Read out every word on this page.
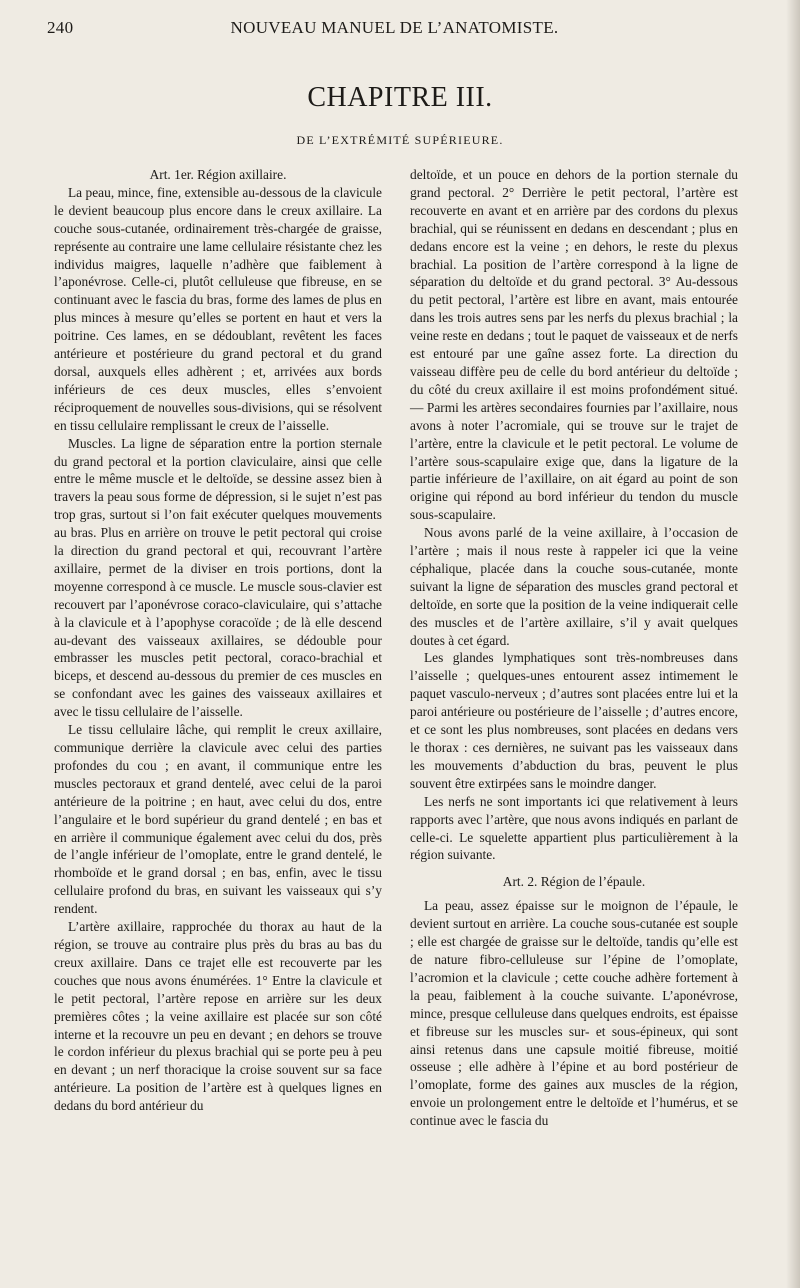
240	NOUVEAU MANUEL DE L’ANATOMISTE.
CHAPITRE III.
DE L’EXTRÉMITÉ SUPÉRIEURE.

Art. 1er. Région axillaire.

La peau, mince, fine, extensible au-dessous de la clavicule le devient beaucoup plus encore dans le creux axillaire. La couche sous-cutanée, ordinairement très-chargée de graisse, représente au contraire une lame cellulaire résistante chez les individus maigres, laquelle n’adhère que faiblement à l’aponévrose. Celle-ci, plutôt celluleuse que fibreuse, en se continuant avec le fascia du bras, forme des lames de plus en plus minces à mesure qu’elles se portent en haut et vers la poitrine. Ces lames, en se dédoublant, revêtent les faces antérieure et postérieure du grand pectoral et du grand dorsal, auxquels elles adhèrent ; et, arrivées aux bords inférieurs de ces deux muscles, elles s’envoient réciproquement de nouvelles sous-divisions, qui se résolvent en tissu cellulaire remplissant le creux de l’aisselle.

Muscles. La ligne de séparation entre la portion sternale du grand pectoral et la portion claviculaire, ainsi que celle entre le même muscle et le deltoïde, se dessine assez bien à travers la peau sous forme de dépression, si le sujet n’est pas trop gras, surtout si l’on fait exécuter quelques mouvements au bras. Plus en arrière on trouve le petit pectoral qui croise la direction du grand pectoral et qui, recouvrant l’artère axillaire, permet de la diviser en trois portions, dont la moyenne correspond à ce muscle. Le muscle sous-clavier est recouvert par l’aponévrose coraco-claviculaire, qui s’attache à la clavicule et à l’apophyse coracoïde ; de là elle descend au-devant des vaisseaux axillaires, se dédouble pour embrasser les muscles petit pectoral, coraco-brachial et biceps, et descend au-dessous du premier de ces muscles en se confondant avec les gaines des vaisseaux axillaires et avec le tissu cellulaire de l’aisselle.

Le tissu cellulaire lâche, qui remplit le creux axillaire, communique derrière la clavicule avec celui des parties profondes du cou ; en avant, il communique entre les muscles pectoraux et grand dentelé, avec celui de la paroi antérieure de la poitrine ; en haut, avec celui du dos, entre l’angulaire et le bord supérieur du grand dentelé ; en bas et en arrière il communique également avec celui du dos, près de l’angle inférieur de l’omoplate, entre le grand dentelé, le rhomboïde et le grand dorsal ; en bas, enfin, avec le tissu cellulaire profond du bras, en suivant les vaisseaux qui s’y rendent.

L’artère axillaire, rapprochée du thorax au haut de la région, se trouve au contraire plus près du bras au bas du creux axillaire. Dans ce trajet elle est recouverte par les couches que nous avons énumérées. 1° Entre la clavicule et le petit pectoral, l’artère repose en arrière sur les deux premières côtes ; la veine axillaire est placée sur son côté interne et la recouvre un peu en devant ; en dehors se trouve le cordon inférieur du plexus brachial qui se porte peu à peu en devant ; un nerf thoracique la croise souvent sur sa face antérieure. La position de l’artère est à quelques lignes en dedans du bord antérieur du

deltoïde, et un pouce en dehors de la portion sternale du grand pectoral. 2° Derrière le petit pectoral, l’artère est recouverte en avant et en arrière par des cordons du plexus brachial, qui se réunissent en dedans en descendant ; plus en dedans encore est la veine ; en dehors, le reste du plexus brachial. La position de l’artère correspond à la ligne de séparation du deltoïde et du grand pectoral. 3° Au-dessous du petit pectoral, l’artère est libre en avant, mais entourée dans les trois autres sens par les nerfs du plexus brachial ; la veine reste en dedans ; tout le paquet de vaisseaux et de nerfs est entouré par une gaîne assez forte. La direction du vaisseau diffère peu de celle du bord antérieur du deltoïde ; du côté du creux axillaire il est moins profondément situé. — Parmi les artères secondaires fournies par l’axillaire, nous avons à noter l’acromiale, qui se trouve sur le trajet de l’artère, entre la clavicule et le petit pectoral. Le volume de l’artère sous-scapulaire exige que, dans la ligature de la partie inférieure de l’axillaire, on ait égard au point de son origine qui répond au bord inférieur du tendon du muscle sous-scapulaire.

Nous avons parlé de la veine axillaire, à l’occasion de l’artère ; mais il nous reste à rappeler ici que la veine céphalique, placée dans la couche sous-cutanée, monte suivant la ligne de séparation des muscles grand pectoral et deltoïde, en sorte que la position de la veine indiquerait celle des muscles et de l’artère axillaire, s’il y avait quelques doutes à cet égard.

Les glandes lymphatiques sont très-nombreuses dans l’aisselle ; quelques-unes entourent assez intimement le paquet vasculo-nerveux ; d’autres sont placées entre lui et la paroi antérieure ou postérieure de l’aisselle ; d’autres encore, et ce sont les plus nombreuses, sont placées en dedans vers le thorax : ces dernières, ne suivant pas les vaisseaux dans les mouvements d’abduction du bras, peuvent le plus souvent être extirpées sans le moindre danger.

Les nerfs ne sont importants ici que relativement à leurs rapports avec l’artère, que nous avons indiqués en parlant de celle-ci. Le squelette appartient plus particulièrement à la région suivante.

Art. 2. Région de l’épaule.

La peau, assez épaisse sur le moignon de l’épaule, le devient surtout en arrière. La couche sous-cutanée est souple ; elle est chargée de graisse sur le deltoïde, tandis qu’elle est de nature fibro-celluleuse sur l’épine de l’omoplate, l’acromion et la clavicule ; cette couche adhère fortement à la peau, faiblement à la couche suivante. L’aponévrose, mince, presque celluleuse dans quelques endroits, est épaisse et fibreuse sur les muscles sur- et sous-épineux, qui sont ainsi retenus dans une capsule moitié fibreuse, moitié osseuse ; elle adhère à l’épine et au bord postérieur de l’omoplate, forme des gaines aux muscles de la région, envoie un prolongement entre le deltoïde et l’humérus, et se continue avec le fascia du
